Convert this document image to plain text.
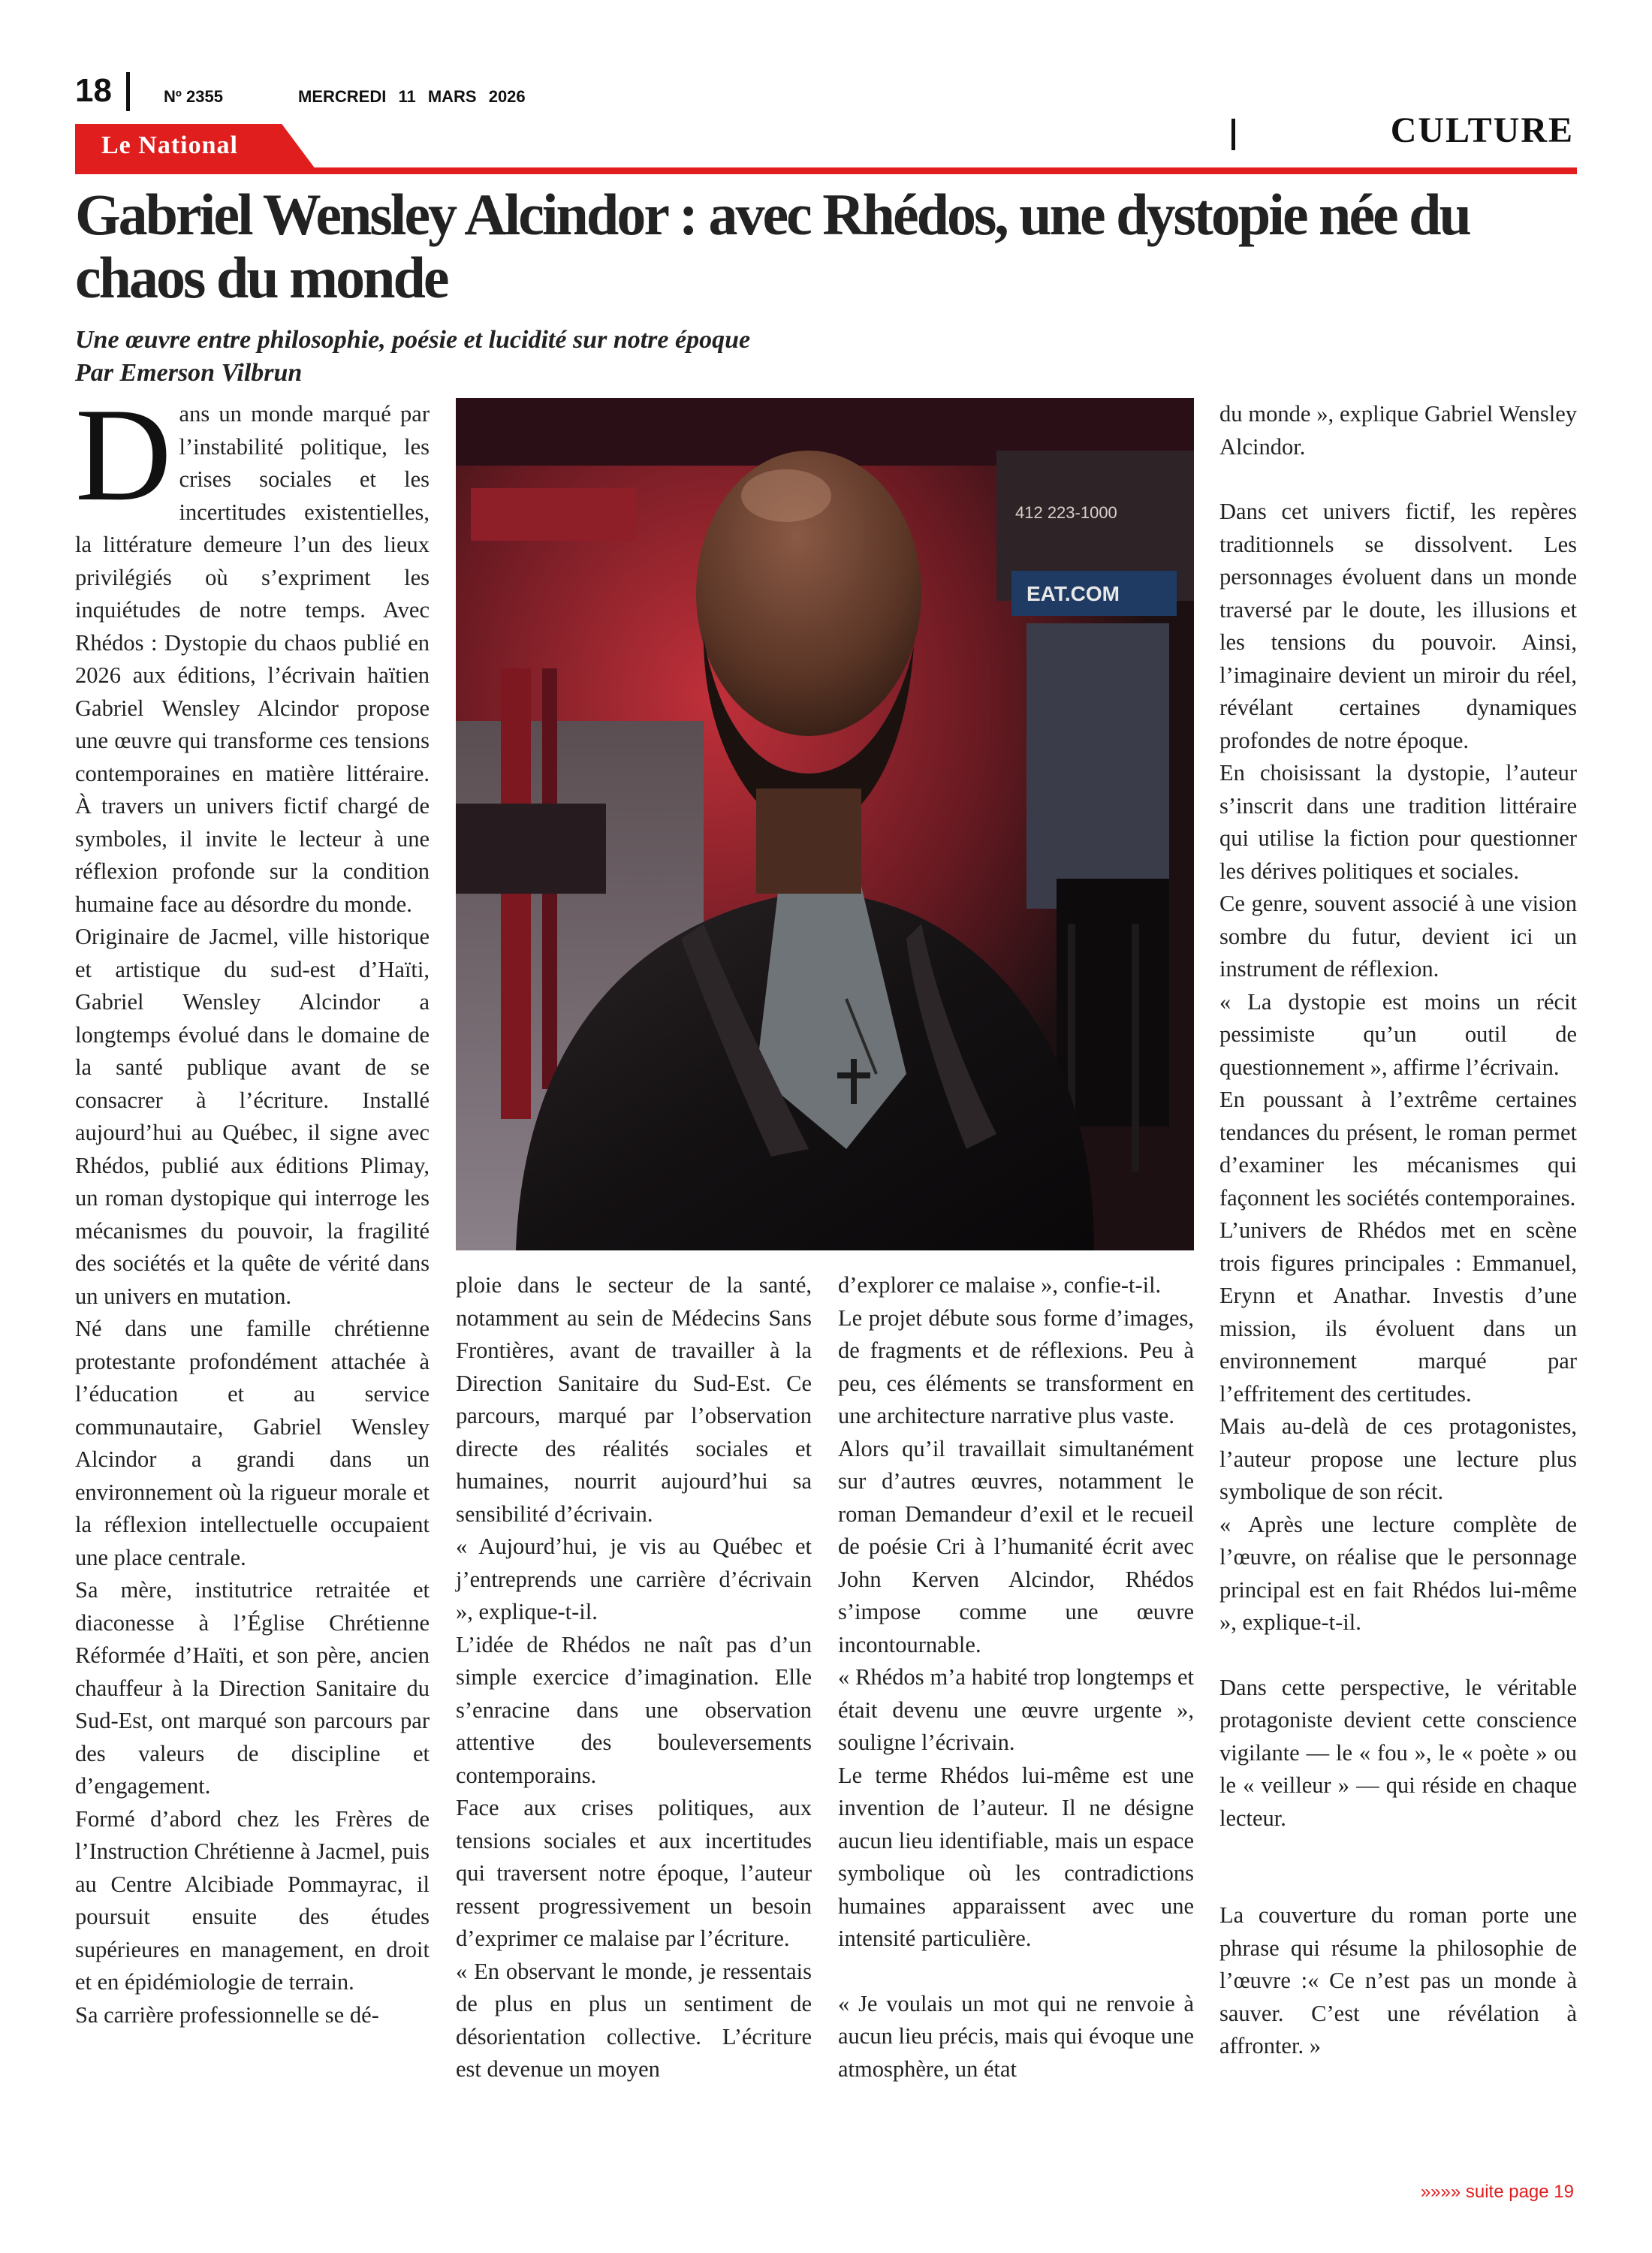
18	Nº 2355	MERCREDI 11 MARS 2026
CULTURE
Le National
Gabriel Wensley Alcindor : avec Rhédos, une dystopie née du chaos du monde
Une œuvre entre philosophie, poésie et lucidité sur notre époque
Par Emerson Vilbrun

Dans un monde marqué par l’instabilité politique, les crises sociales et les incertitudes existentielles, la littérature demeure l’un des lieux privilégiés où s’expriment les inquiétudes de notre temps. Avec Rhédos : Dystopie du chaos publié en 2026 aux éditions, l’écrivain haïtien Gabriel Wensley Alcindor propose une œuvre qui transforme ces tensions contemporaines en matière littéraire. À travers un univers fictif chargé de symboles, il invite le lecteur à une réflexion profonde sur la condition humaine face au désordre du monde.

Originaire de Jacmel, ville historique et artistique du sud-est d’Haïti, Gabriel Wensley Alcindor a longtemps évolué dans le domaine de la santé publique avant de se consacrer à l’écriture. Installé aujourd’hui au Québec, il signe avec Rhédos, publié aux éditions Plimay, un roman dystopique qui interroge les mécanismes du pouvoir, la fragilité des sociétés et la quête de vérité dans un univers en mutation.

Né dans une famille chrétienne protestante profondément attachée à l’éducation et au service communautaire, Gabriel Wensley Alcindor a grandi dans un environnement où la rigueur morale et la réflexion intellectuelle occupaient une place centrale.

Sa mère, institutrice retraitée et diaconesse à l’Église Chrétienne Réformée d’Haïti, et son père, ancien chauffeur à la Direction Sanitaire du Sud-Est, ont marqué son parcours par des valeurs de discipline et d’engagement.

Formé d’abord chez les Frères de l’Instruction Chrétienne à Jacmel, puis au Centre Alcibiade Pommayrac, il poursuit ensuite des études supérieures en management, en droit et en épidémiologie de terrain.

Sa carrière professionnelle se dé-

412 223-1000
EAT.COM

ploie dans le secteur de la santé, notamment au sein de Médecins Sans Frontières, avant de travailler à la Direction Sanitaire du Sud-Est. Ce parcours, marqué par l’observation directe des réalités sociales et humaines, nourrit aujourd’hui sa sensibilité d’écrivain.

« Aujourd’hui, je vis au Québec et j’entreprends une carrière d’écrivain », explique-t-il.

L’idée de Rhédos ne naît pas d’un simple exercice d’imagination. Elle s’enracine dans une observation attentive des bouleversements contemporains.

Face aux crises politiques, aux tensions sociales et aux incertitudes qui traversent notre époque, l’auteur ressent progressivement un besoin d’exprimer ce malaise par l’écriture.

« En observant le monde, je ressentais de plus en plus un sentiment de désorientation collective. L’écriture est devenue un moyen

d’explorer ce malaise », confie-t-il.

Le projet débute sous forme d’images, de fragments et de réflexions. Peu à peu, ces éléments se transforment en une architecture narrative plus vaste.

Alors qu’il travaillait simultanément sur d’autres œuvres, notamment le roman Demandeur d’exil et le recueil de poésie Cri à l’humanité écrit avec John Kerven Alcindor, Rhédos s’impose comme une œuvre incontournable.

« Rhédos m’a habité trop longtemps et était devenu une œuvre urgente », souligne l’écrivain.

Le terme Rhédos lui-même est une invention de l’auteur. Il ne désigne aucun lieu identifiable, mais un espace symbolique où les contradictions humaines apparaissent avec une intensité particulière.

« Je voulais un mot qui ne renvoie à aucun lieu précis, mais qui évoque une atmosphère, un état

du monde », explique Gabriel Wensley Alcindor.

Dans cet univers fictif, les repères traditionnels se dissolvent. Les personnages évoluent dans un monde traversé par le doute, les illusions et les tensions du pouvoir. Ainsi, l’imaginaire devient un miroir du réel, révélant certaines dynamiques profondes de notre époque.

En choisissant la dystopie, l’auteur s’inscrit dans une tradition littéraire qui utilise la fiction pour questionner les dérives politiques et sociales.

Ce genre, souvent associé à une vision sombre du futur, devient ici un instrument de réflexion.

« La dystopie est moins un récit pessimiste qu’un outil de questionnement », affirme l’écrivain.

En poussant à l’extrême certaines tendances du présent, le roman permet d’examiner les mécanismes qui façonnent les sociétés contemporaines.

L’univers de Rhédos met en scène trois figures principales : Emmanuel, Erynn et Anathar. Investis d’une mission, ils évoluent dans un environnement marqué par l’effritement des certitudes.

Mais au-delà de ces protagonistes, l’auteur propose une lecture plus symbolique de son récit.

« Après une lecture complète de l’œuvre, on réalise que le personnage principal est en fait Rhédos lui-même », explique-t-il.

Dans cette perspective, le véritable protagoniste devient cette conscience vigilante — le « fou », le « poète » ou le « veilleur » — qui réside en chaque lecteur.

La couverture du roman porte une phrase qui résume la philosophie de l’œuvre :« Ce n’est pas un monde à sauver. C’est une révélation à affronter. »

»»»» suite page 19
